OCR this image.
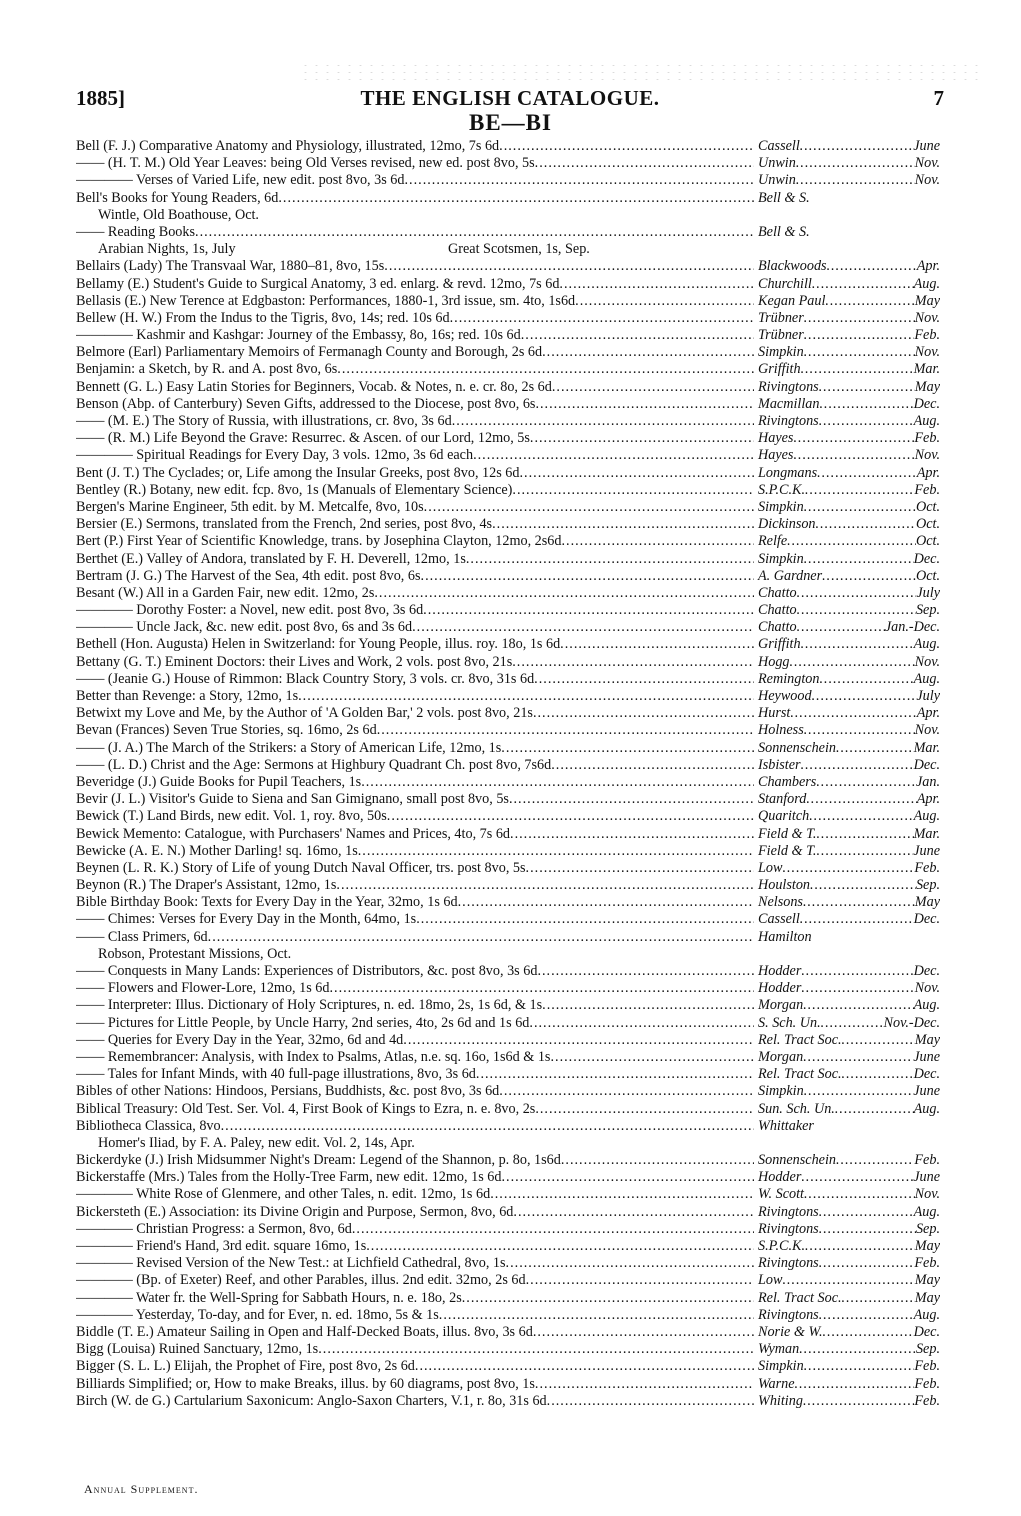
1885]	THE ENGLISH CATALOGUE.	7
BE—BI
Bell (F. J.) Comparative Anatomy and Physiology, illustrated, 12mo, 7s 6d .....	Cassell .....	June
—— (H. T. M.) Old Year Leaves: being Old Verses revised, new ed. post 8vo, 5s .....	Unwin .....	Nov.
———— Verses of Varied Life, new edit. post 8vo, 3s 6d .....	Unwin .....	Nov.
Bell's Books for Young Readers, 6d .....	Bell & S.
Wintle, Old Boathouse, Oct.
—— Reading Books .....	Bell & S.
Arabian Nights, 1s, July	Great Scotsmen, 1s, Sep.
Bellairs (Lady) The Transvaal War, 1880–81, 8vo, 15s .....	Blackwoods .....	Apr.
Bellamy (E.) Student's Guide to Surgical Anatomy, 3 ed. enlarg. & revd. 12mo, 7s 6d .....	Churchill .....	Aug.
Bellasis (E.) New Terence at Edgbaston: Performances, 1880-1, 3rd issue, sm. 4to, 1s6d .....	Kegan Paul .....	May
Bellew (H. W.) From the Indus to the Tigris, 8vo, 14s; red. 10s 6d .....	Trübner .....	Nov.
———— Kashmir and Kashgar: Journey of the Embassy, 8o, 16s; red. 10s 6d .....	Trübner .....	Feb.
Belmore (Earl) Parliamentary Memoirs of Fermanagh County and Borough, 2s 6d .....	Simpkin .....	Nov.
Benjamin: a Sketch, by R. and A. post 8vo, 6s .....	Griffith .....	Mar.
Bennett (G. L.) Easy Latin Stories for Beginners, Vocab. & Notes, n. e. cr. 8o, 2s 6d .....	Rivingtons .....	May
Benson (Abp. of Canterbury) Seven Gifts, addressed to the Diocese, post 8vo, 6s .....	Macmillan .....	Dec.
—— (M. E.) The Story of Russia, with illustrations, cr. 8vo, 3s 6d .....	Rivingtons .....	Aug.
—— (R. M.) Life Beyond the Grave: Resurrec. & Ascen. of our Lord, 12mo, 5s .....	Hayes .....	Feb.
———— Spiritual Readings for Every Day, 3 vols. 12mo, 3s 6d each .....	Hayes .....	Nov.
Bent (J. T.) The Cyclades; or, Life among the Insular Greeks, post 8vo, 12s 6d .....	Longmans .....	Apr.
Bentley (R.) Botany, new edit. fcp. 8vo, 1s (Manuals of Elementary Science) .....	S.P.C.K. .....	Feb.
Bergen's Marine Engineer, 5th edit. by M. Metcalfe, 8vo, 10s .....	Simpkin .....	Oct.
Bersier (E.) Sermons, translated from the French, 2nd series, post 8vo, 4s .....	Dickinson .....	Oct.
Bert (P.) First Year of Scientific Knowledge, trans. by Josephina Clayton, 12mo, 2s6d .....	Relfe .....	Oct.
Berthet (E.) Valley of Andora, translated by F. H. Deverell, 12mo, 1s .....	Simpkin .....	Dec.
Bertram (J. G.) The Harvest of the Sea, 4th edit. post 8vo, 6s .....	A. Gardner .....	Oct.
Besant (W.) All in a Garden Fair, new edit. 12mo, 2s .....	Chatto .....	July
———— Dorothy Foster: a Novel, new edit. post 8vo, 3s 6d .....	Chatto .....	Sep.
———— Uncle Jack, &c. new edit. post 8vo, 6s and 3s 6d .....	Chatto .....	Jan.-Dec.
Bethell (Hon. Augusta) Helen in Switzerland: for Young People, illus. roy. 18o, 1s 6d .....	Griffith .....	Aug.
Bettany (G. T.) Eminent Doctors: their Lives and Work, 2 vols. post 8vo, 21s .....	Hogg .....	Nov.
—— (Jeanie G.) House of Rimmon: Black Country Story, 3 vols. cr. 8vo, 31s 6d .....	Remington .....	Aug.
Better than Revenge: a Story, 12mo, 1s .....	Heywood .....	July
Betwixt my Love and Me, by the Author of 'A Golden Bar,' 2 vols. post 8vo, 21s .....	Hurst .....	Apr.
Bevan (Frances) Seven True Stories, sq. 16mo, 2s 6d .....	Holness .....	Nov.
—— (J. A.) The March of the Strikers: a Story of American Life, 12mo, 1s .....	Sonnenschein .....	Mar.
—— (L. D.) Christ and the Age: Sermons at Highbury Quadrant Ch. post 8vo, 7s6d .....	Isbister .....	Dec.
Beveridge (J.) Guide Books for Pupil Teachers, 1s .....	Chambers .....	Jan.
Bevir (J. L.) Visitor's Guide to Siena and San Gimignano, small post 8vo, 5s .....	Stanford .....	Apr.
Bewick (T.) Land Birds, new edit. Vol. 1, roy. 8vo, 50s .....	Quaritch .....	Aug.
Bewick Memento: Catalogue, with Purchasers' Names and Prices, 4to, 7s 6d .....	Field & T. .....	Mar.
Bewicke (A. E. N.) Mother Darling! sq. 16mo, 1s .....	Field & T. .....	June
Beynen (L. R. K.) Story of Life of young Dutch Naval Officer, trs. post 8vo, 5s .....	Low .....	Feb.
Beynon (R.) The Draper's Assistant, 12mo, 1s .....	Houlston .....	Sep.
Bible Birthday Book: Texts for Every Day in the Year, 32mo, 1s 6d .....	Nelsons .....	May
—— Chimes: Verses for Every Day in the Month, 64mo, 1s .....	Cassell .....	Dec.
—— Class Primers, 6d .....	Hamilton
Robson, Protestant Missions, Oct.
—— Conquests in Many Lands: Experiences of Distributors, &c. post 8vo, 3s 6d .....	Hodder .....	Dec.
—— Flowers and Flower-Lore, 12mo, 1s 6d .....	Hodder .....	Nov.
—— Interpreter: Illus. Dictionary of Holy Scriptures, n. ed. 18mo, 2s, 1s 6d, & 1s .....	Morgan .....	Aug.
—— Pictures for Little People, by Uncle Harry, 2nd series, 4to, 2s 6d and 1s 6d .....	S. Sch. Un. .....	Nov.-Dec.
—— Queries for Every Day in the Year, 32mo, 6d and 4d .....	Rel. Tract Soc. .....	May
—— Remembrancer: Analysis, with Index to Psalms, Atlas, n.e. sq. 16o, 1s6d & 1s .....	Morgan .....	June
—— Tales for Infant Minds, with 40 full-page illustrations, 8vo, 3s 6d .....	Rel. Tract Soc. .....	Dec.
Bibles of other Nations: Hindoos, Persians, Buddhists, &c. post 8vo, 3s 6d .....	Simpkin .....	June
Biblical Treasury: Old Test. Ser. Vol. 4, First Book of Kings to Ezra, n. e. 8vo, 2s .....	Sun. Sch. Un. .....	Aug.
Bibliotheca Classica, 8vo .....	Whittaker
Homer's Iliad, by F. A. Paley, new edit. Vol. 2, 14s, Apr.
Bickerdyke (J.) Irish Midsummer Night's Dream: Legend of the Shannon, p. 8o, 1s6d .....	Sonnenschein .....	Feb.
Bickerstaffe (Mrs.) Tales from the Holly-Tree Farm, new edit. 12mo, 1s 6d .....	Hodder .....	June
———— White Rose of Glenmere, and other Tales, n. edit. 12mo, 1s 6d .....	W. Scott .....	Nov.
Bickersteth (E.) Association: its Divine Origin and Purpose, Sermon, 8vo, 6d .....	Rivingtons .....	Aug.
———— Christian Progress: a Sermon, 8vo, 6d .....	Rivingtons .....	Sep.
———— Friend's Hand, 3rd edit. square 16mo, 1s .....	S.P.C.K. .....	May
———— Revised Version of the New Test.: at Lichfield Cathedral, 8vo, 1s .....	Rivingtons .....	Feb.
———— (Bp. of Exeter) Reef, and other Parables, illus. 2nd edit. 32mo, 2s 6d .....	Low .....	May
———— Water fr. the Well-Spring for Sabbath Hours, n. e. 18o, 2s .....	Rel. Tract Soc. .....	May
———— Yesterday, To-day, and for Ever, n. ed. 18mo, 5s & 1s .....	Rivingtons .....	Aug.
Biddle (T. E.) Amateur Sailing in Open and Half-Decked Boats, illus. 8vo, 3s 6d .....	Norie & W. .....	Dec.
Bigg (Louisa) Ruined Sanctuary, 12mo, 1s .....	Wyman .....	Sep.
Bigger (S. L. L.) Elijah, the Prophet of Fire, post 8vo, 2s 6d .....	Simpkin .....	Feb.
Billiards Simplified; or, How to make Breaks, illus. by 60 diagrams, post 8vo, 1s .....	Warne .....	Feb.
Birch (W. de G.) Cartularium Saxonicum: Anglo-Saxon Charters, V.1, r. 8o, 31s 6d .....	Whiting .....	Feb.
Annual Supplement.
